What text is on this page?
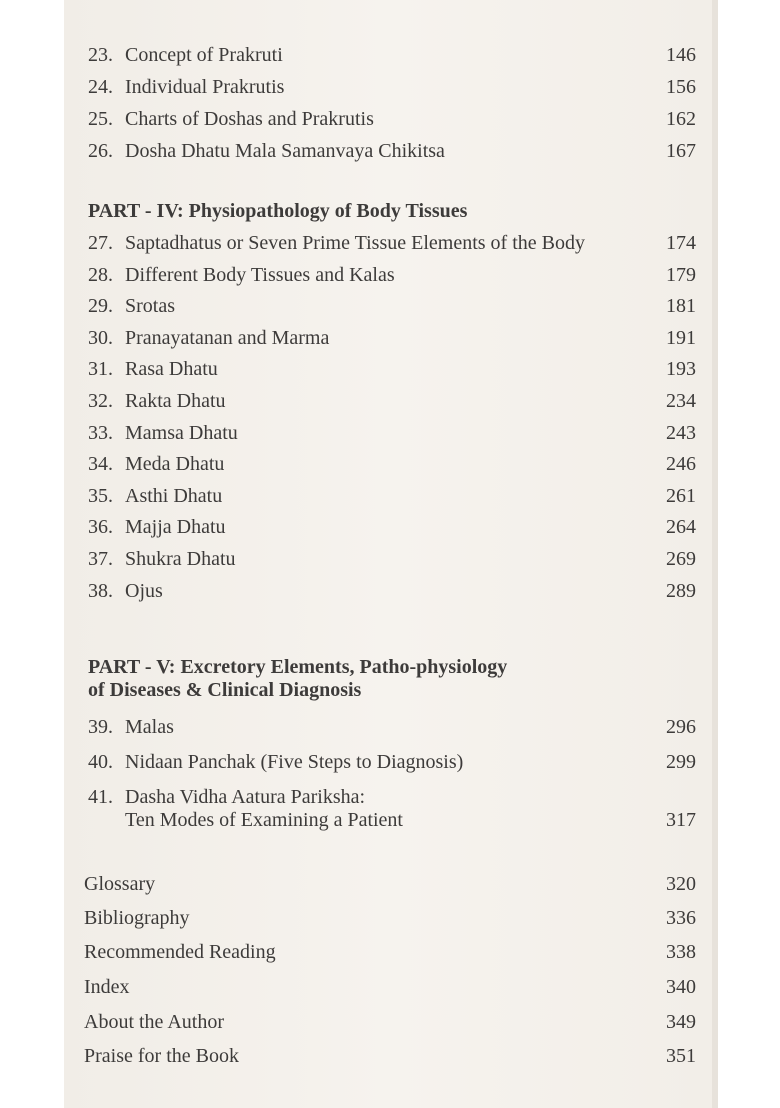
23. Concept of Prakruti	146
24. Individual Prakrutis	156
25. Charts of Doshas and Prakrutis	162
26. Dosha Dhatu Mala Samanvaya Chikitsa	167
PART - IV: Physiopathology of Body Tissues
27. Saptadhatus or Seven Prime Tissue Elements of the Body	174
28. Different Body Tissues and Kalas	179
29. Srotas	181
30. Pranayatanan and Marma	191
31. Rasa Dhatu	193
32. Rakta Dhatu	234
33. Mamsa Dhatu	243
34. Meda Dhatu	246
35. Asthi Dhatu	261
36. Majja Dhatu	264
37. Shukra Dhatu	269
38. Ojus	289
PART - V: Excretory Elements, Patho-physiology
of Diseases & Clinical Diagnosis
39. Malas	296
40. Nidaan Panchak (Five Steps to Diagnosis)	299
41. Dasha Vidha Aatura Pariksha:
Ten Modes of Examining a Patient	317
Glossary	320
Bibliography	336
Recommended Reading	338
Index	340
About the Author	349
Praise for the Book	351
